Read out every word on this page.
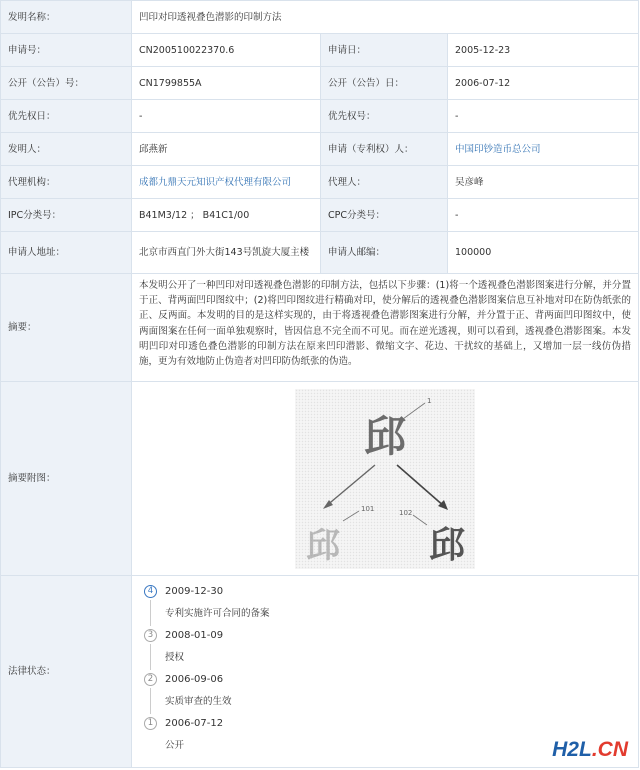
发明名称：	凹印对印透视叠色潜影的印制方法
申请号：	CN200510022370.6	申请日：	2005-12-23
公开（公告）号：	CN1799855A	公开（公告）日：	2006-07-12
优先权日：	-	优先权号：	-
发明人：	邱燕新	申请（专利权）人：	中国印钞造币总公司
代理机构：	成都九鼎天元知识产权代理有限公司	代理人：	吴彦峰
IPC分类号：	B41M3/12 ； B41C1/00	CPC分类号：	-
申请人地址：	北京市西直门外大街143号凯旋大厦主楼	申请人邮编：	100000
摘要：
本发明公开了一种凹印对印透视叠色潜影的印制方法，包括以下步骤：(1)将一个透视叠色潜影图案进行分解，并分置于正、背两面凹印图纹中；(2)将凹印图纹进行精确对印，使分解后的透视叠色潜影图案信息互补地对印在防伪纸张的正、反两面。本发明的目的是这样实现的，由于将透视叠色潜影图案进行分解，并分置于正、背两面凹印图纹中，使两面图案在任何一面单独观察时，皆因信息不完全而不可见。而在逆光透视，则可以看到，透视叠色潜影图案。本发明凹印对印透色叠色潜影的印制方法在原来凹印潜影、微缩文字、花边、干扰纹的基础上，又增加一层一线仿伪措施，更为有效地防止伪造者对凹印防伪纸张的伪造。
摘要附图：
邱
邱 邱
1
101	102
法律状态：
4	2009-12-30
专利实施许可合同的备案
3	2008-01-09
授权
2	2006-09-06
实质审查的生效
1	2006-07-12
公开	H2L.CN
